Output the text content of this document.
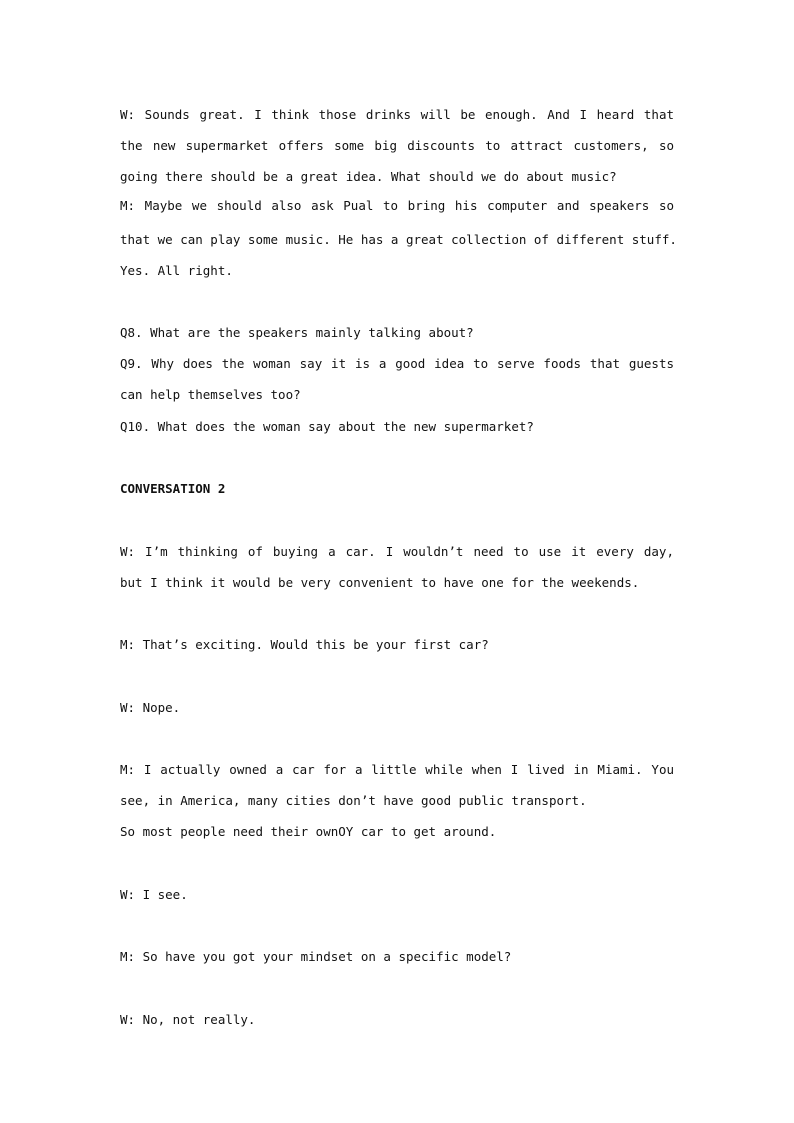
W: Sounds great. I think those drinks will be enough. And I heard that
the new supermarket offers some big discounts to attract customers, so
going there should be a great idea. What should we do about music?
M: Maybe we should also ask Pual to bring his computer and speakers so
that we can play some music. He has a great collection of different stuff.
Yes. All right.
Q8. What are the speakers mainly talking about?
Q9. Why does the woman say it is a good idea to serve foods that guests
can help themselves too?
Q10. What does the woman say about the new supermarket?
CONVERSATION 2
W: I’m thinking of buying a car. I wouldn’t need to use it every day,
but I think it would be very convenient to have one for the weekends.
M: That’s exciting. Would this be your first car?
W: Nope.
M: I actually owned a car for a little while when I lived in Miami. You
see, in America, many cities don’t have good public transport.
So most people need their ownOY car to get around.
W: I see.
M: So have you got your mindset on a specific model?
W: No, not really.
